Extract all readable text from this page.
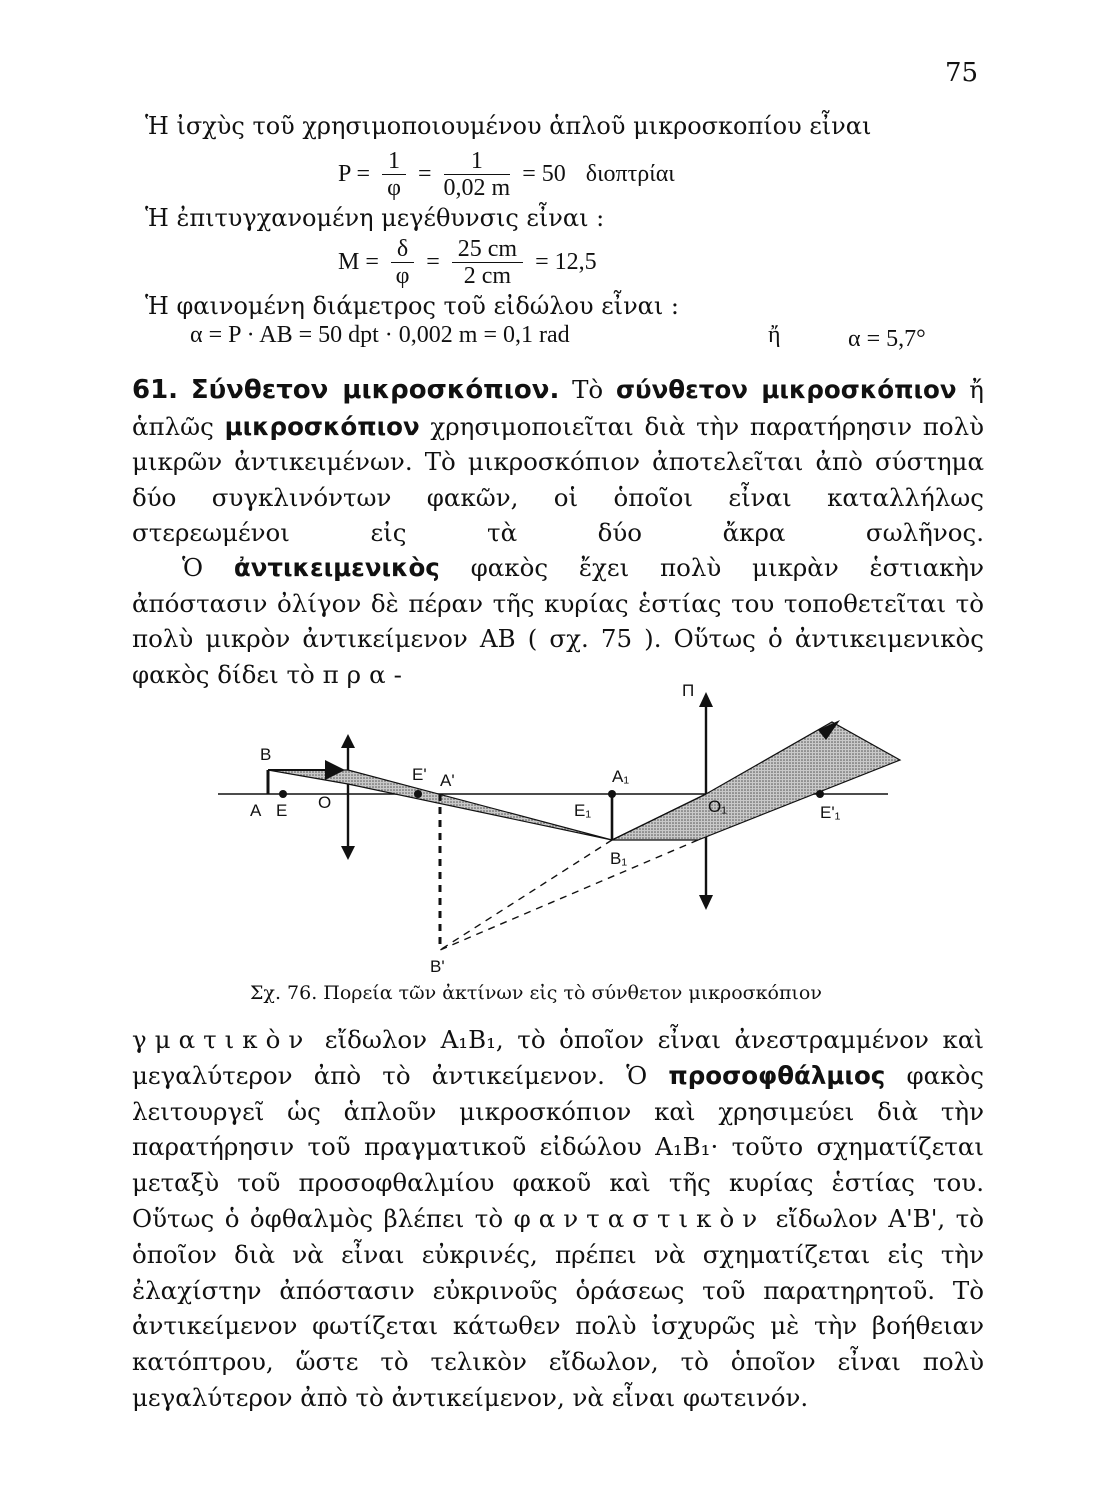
75
Ἡ ἰσχὺς τοῦ χρησιμοποιουμένου ἁπλοῦ μικροσκοπίου εἶναι
$P = \frac{1}{\varphi} = \frac{1}{0,02 m} = 50$ διοπτρίαι
Ἡ ἐπιτυγχανομένη μεγέθυνσις εἶναι :
$M = \frac{\delta}{\varphi} = \frac{25 cm}{2 cm} = 12,5$
Ἡ φαινομένη διάμετρος τοῦ εἰδώλου εἶναι :
α = P · AB = 50 dpt · 0,002 m = 0,1 rad	ἤ	α = 5,7°
61. Σύνθετον μικροσκόπιον. Τὸ σύνθετον μικροσκόπιον ἤ ἁπλῶς μικροσκόπιον χρησιμοποιεῖται διὰ τὴν παρατήρησιν πολὺ μικρῶν ἀντικειμένων. Τὸ μικροσκόπιον ἀποτελεῖται ἀπὸ σύστημα δύο συγκλινόντων φακῶν, οἱ ὁποῖοι εἶναι καταλλήλως στερεωμένοι εἰς τὰ δύο ἄκρα σωλῆνος.
Ὁ ἀντικειμενικὸς φακὸς ἔχει πολὺ μικρὰν ἑστιακὴν ἀπόστασιν ὀλίγον δὲ πέραν τῆς κυρίας ἑστίας του τοποθετεῖται τὸ πολὺ μικρὸν ἀντικείμενον AB ( σχ. 75 ). Οὕτως ὁ ἀντικειμενικὸς φακὸς δίδει τὸ πρα-
B
A E O
E' A'	A₁
E₁
B₁
O₁	E'₁
Π
B'
Σχ. 76. Πορεία τῶν ἀκτίνων εἰς τὸ σύνθετον μικροσκόπιον
γματικὸν εἴδωλον A₁B₁, τὸ ὁποῖον εἶναι ἀνεστραμμένον καὶ μεγαλύτερον ἀπὸ τὸ ἀντικείμενον. Ὁ προσοφθάλμιος φακὸς λειτουργεῖ ὡς ἁπλοῦν μικροσκόπιον καὶ χρησιμεύει διὰ τὴν παρατήρησιν τοῦ πραγματικοῦ εἰδώλου A₁B₁· τοῦτο σχηματίζεται μεταξὺ τοῦ προσοφθαλμίου φακοῦ καὶ τῆς κυρίας ἑστίας του. Οὕτως ὁ ὀφθαλμὸς βλέπει τὸ φανταστικὸν εἴδωλον A'B', τὸ ὁποῖον διὰ νὰ εἶναι εὐκρινές, πρέπει νὰ σχηματίζεται εἰς τὴν ἐλαχίστην ἀπόστασιν εὐκρινοῦς ὁράσεως τοῦ παρατηρητοῦ. Τὸ ἀντικείμενον φωτίζεται κάτωθεν πολὺ ἰσχυρῶς μὲ τὴν βοήθειαν κατόπτρου, ὥστε τὸ τελικὸν εἴδωλον, τὸ ὁποῖον εἶναι πολὺ μεγαλύτερον ἀπὸ τὸ ἀντικείμενον, νὰ εἶναι φωτεινόν.
